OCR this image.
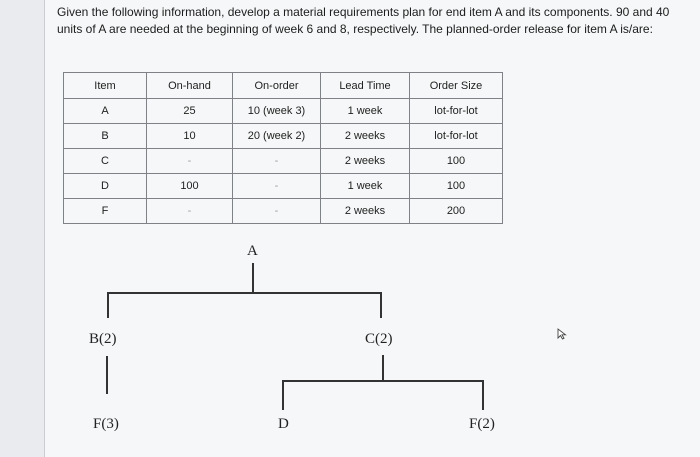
Given the following information, develop a material requirements plan for end item A and its components. 90 and 40 units of A are needed at the beginning of week 6 and 8, respectively. The planned-order release for item A is/are:
Item	On-hand	On-order	Lead Time	Order Size
A	25	10 (week 3)	1 week	lot-for-lot
B	10	20 (week 2)	2 weeks	lot-for-lot
C	-	-	2 weeks	100
D	100	-	1 week	100
F	-	-	2 weeks	200
A
B(2)	C(2)
F(3)	D	F(2)
